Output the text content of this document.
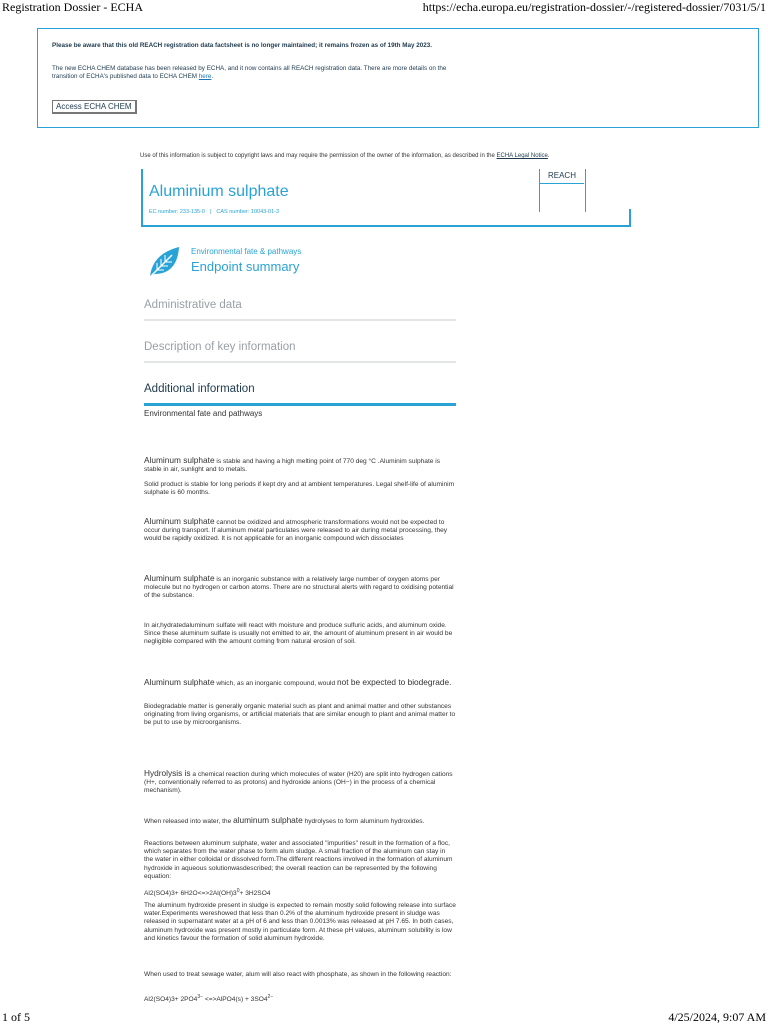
Registration Dossier - ECHA	https://echa.europa.eu/registration-dossier/-/registered-dossier/7031/5/1
Please be aware that this old REACH registration data factsheet is no longer maintained; it remains frozen as of 19th May 2023.
The new ECHA CHEM database has been released by ECHA, and it now contains all REACH registration data. There are more details on the transition of ECHA's published data to ECHA CHEM here.
Access ECHA CHEM
Use of this information is subject to copyright laws and may require the permission of the owner of the information, as described in the ECHA Legal Notice.
Aluminium sulphate
EC number: 233-135-0 | CAS number: 10043-01-3
REACH
Environmental fate & pathways
Endpoint summary
Administrative data
Description of key information
Additional information
Environmental fate and pathways
Aluminum sulphate is stable and having a high melting point of 770 deg °C .Aluminim sulphate is stable in air, sunlight and to metals.
Solid product is stable for long periods if kept dry and at ambient temperatures. Legal shelf-life of aluminim sulphate is 60 months.
Aluminum sulphate cannot be oxidized and atmospheric transformations would not be expected to occur during transport. If aluminum metal particulates were released to air during metal processing, they would be rapidly oxidized. It is not applicable for an inorganic compound wich dissociates
Aluminum sulphate is an inorganic substance with a relatively large number of oxygen atoms per molecule but no hydrogen or carbon atoms. There are no structural alerts with regard to oxidising potential of the substance.
In air,hydratedaluminum sulfate will react with moisture and produce sulfuric acids, and aluminum oxide. Since these aluminum sulfate is usually not emitted to air, the amount of aluminum present in air would be negligible compared with the amount coming from natural erosion of soil.
Aluminum sulphate which, as an inorganic compound, would not be expected to biodegrade.
Biodegradable matter is generally organic material such as plant and animal matter and other substances originating from living organisms, or artificial materials that are similar enough to plant and animal matter to be put to use by microorganisms.
Hydrolysis is a chemical reaction during which molecules of water (H20) are split into hydrogen cations (H+, conventionally referred to as protons) and hydroxide anions (OH−) in the process of a chemical mechanism).
When released into water, the aluminum sulphate hydrolyses to form aluminum hydroxides.
Reactions between aluminum sulphate, water and associated "impurities" result in the formation of a floc, which separates from the water phase to form alum sludge. A small fraction of the aluminum can stay in the water in either colloidal or dissolved form.The different reactions involved in the formation of aluminum hydroxide in aqueous solutionwasdescribed; the overall reaction can be represented by the following equation:
$Al2(SO4)3+ 6H2O<=>2Al(OH)3^0+ 3H2SO4$
The aluminum hydroxide present in sludge is expected to remain mostly solid following release into surface water.Experiments wereshowed that less than 0.2% of the aluminum hydroxide present in sludge was released in supernatant water at a pH of 6 and less than 0.0013% was released at pH 7.65. In both cases, aluminum hydroxide was present mostly in particulate form. At these pH values, aluminum solubility is low and kinetics favour the formation of solid aluminum hydroxide.
When used to treat sewage water, alum will also react with phosphate, as shown in the following reaction:
$Al2(SO4)3+ 2PO4^{3-}$ <=>AlPO4(s) + $3SO4^{2-}$
1 of 5	4/25/2024, 9:07 AM
